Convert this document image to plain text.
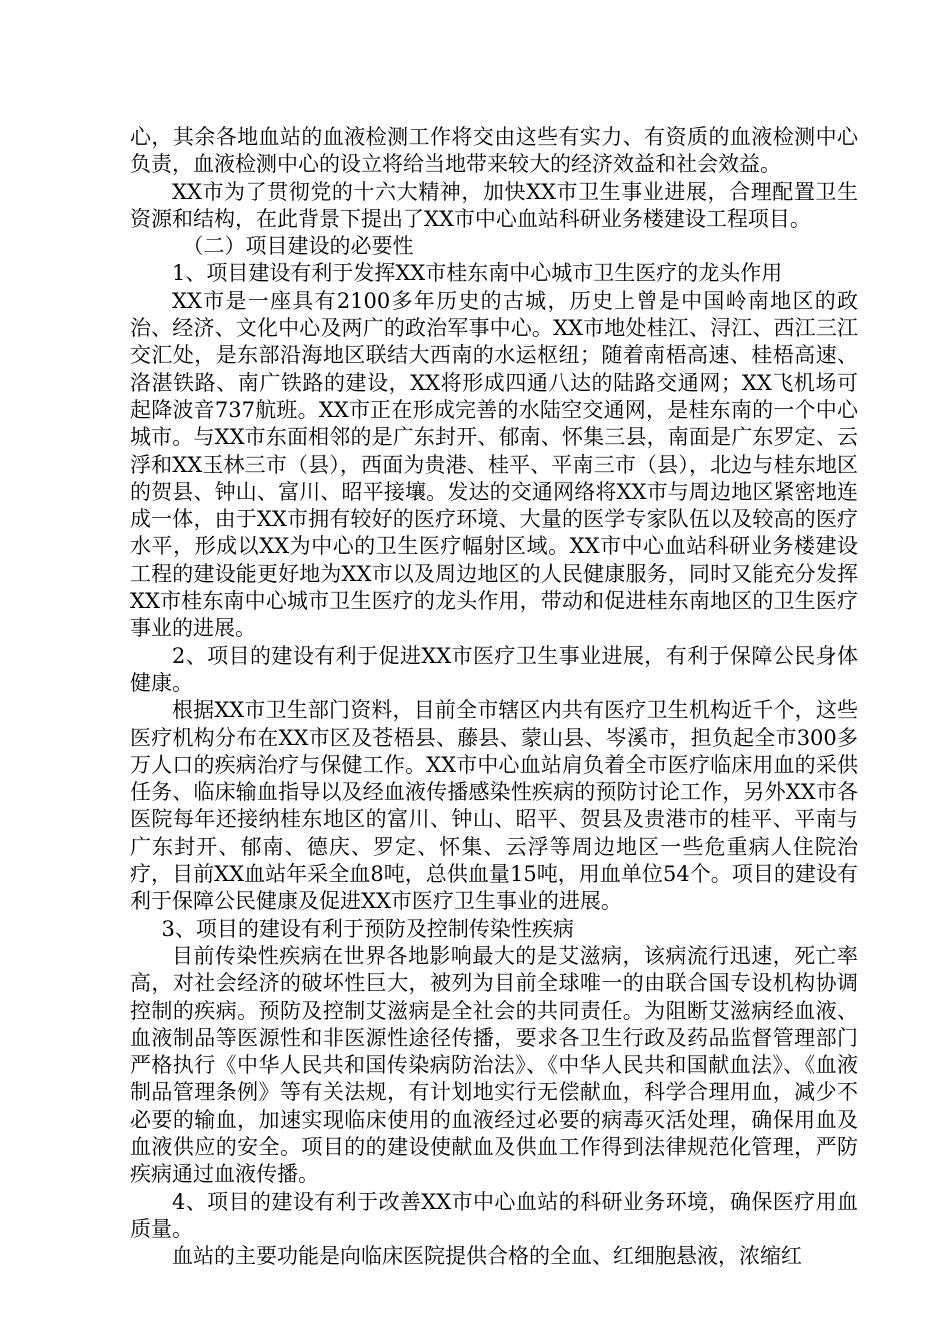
心，其余各地血站的血液检测工作将交由这些有实力、有资质的血液检测中心负责，血液检测中心的设立将给当地带来较大的经济效益和社会效益。

XX市为了贯彻党的十六大精神，加快XX市卫生事业进展，合理配置卫生资源和结构，在此背景下提出了XX市中心血站科研业务楼建设工程项目。

（二）项目建设的必要性

1、项目建设有利于发挥XX市桂东南中心城市卫生医疗的龙头作用

XX市是一座具有2100多年历史的古城，历史上曾是中国岭南地区的政治、经济、文化中心及两广的政治军事中心。XX市地处桂江、浔江、西江三江交汇处，是东部沿海地区联结大西南的水运枢纽；随着南梧高速、桂梧高速、洛湛铁路、南广铁路的建设，XX将形成四通八达的陆路交通网；XX飞机场可起降波音737航班。XX市正在形成完善的水陆空交通网，是桂东南的一个中心城市。与XX市东面相邻的是广东封开、郁南、怀集三县，南面是广东罗定、云浮和XX玉林三市（县），西面为贵港、桂平、平南三市（县），北边与桂东地区的贺县、钟山、富川、昭平接壤。发达的交通网络将XX市与周边地区紧密地连成一体，由于XX市拥有较好的医疗环境、大量的医学专家队伍以及较高的医疗水平，形成以XX为中心的卫生医疗幅射区域。XX市中心血站科研业务楼建设工程的建设能更好地为XX市以及周边地区的人民健康服务，同时又能充分发挥XX市桂东南中心城市卫生医疗的龙头作用，带动和促进桂东南地区的卫生医疗事业的进展。

2、项目的建设有利于促进XX市医疗卫生事业进展，有利于保障公民身体健康。

根据XX市卫生部门资料，目前全市辖区内共有医疗卫生机构近千个，这些医疗机构分布在XX市区及苍梧县、藤县、蒙山县、岑溪市，担负起全市300多万人口的疾病治疗与保健工作。XX市中心血站肩负着全市医疗临床用血的采供任务、临床输血指导以及经血液传播感染性疾病的预防讨论工作，另外XX市各医院每年还接纳桂东地区的富川、钟山、昭平、贺县及贵港市的桂平、平南与广东封开、郁南、德庆、罗定、怀集、云浮等周边地区一些危重病人住院治疗，目前XX血站年采全血8吨，总供血量15吨，用血单位54个。项目的建设有利于保障公民健康及促进XX市医疗卫生事业的进展。

3、项目的建设有利于预防及控制传染性疾病

目前传染性疾病在世界各地影响最大的是艾滋病，该病流行迅速，死亡率高，对社会经济的破坏性巨大，被列为目前全球唯一的由联合国专设机构协调控制的疾病。预防及控制艾滋病是全社会的共同责任。为阻断艾滋病经血液、血液制品等医源性和非医源性途径传播，要求各卫生行政及药品监督管理部门严格执行《中华人民共和国传染病防治法》、《中华人民共和国献血法》、《血液制品管理条例》等有关法规，有计划地实行无偿献血，科学合理用血，减少不必要的输血，加速实现临床使用的血液经过必要的病毒灭活处理，确保用血及血液供应的安全。项目的的建设使献血及供血工作得到法律规范化管理，严防疾病通过血液传播。

4、项目的建设有利于改善XX市中心血站的科研业务环境，确保医疗用血质量。

血站的主要功能是向临床医院提供合格的全血、红细胞悬液，浓缩红
